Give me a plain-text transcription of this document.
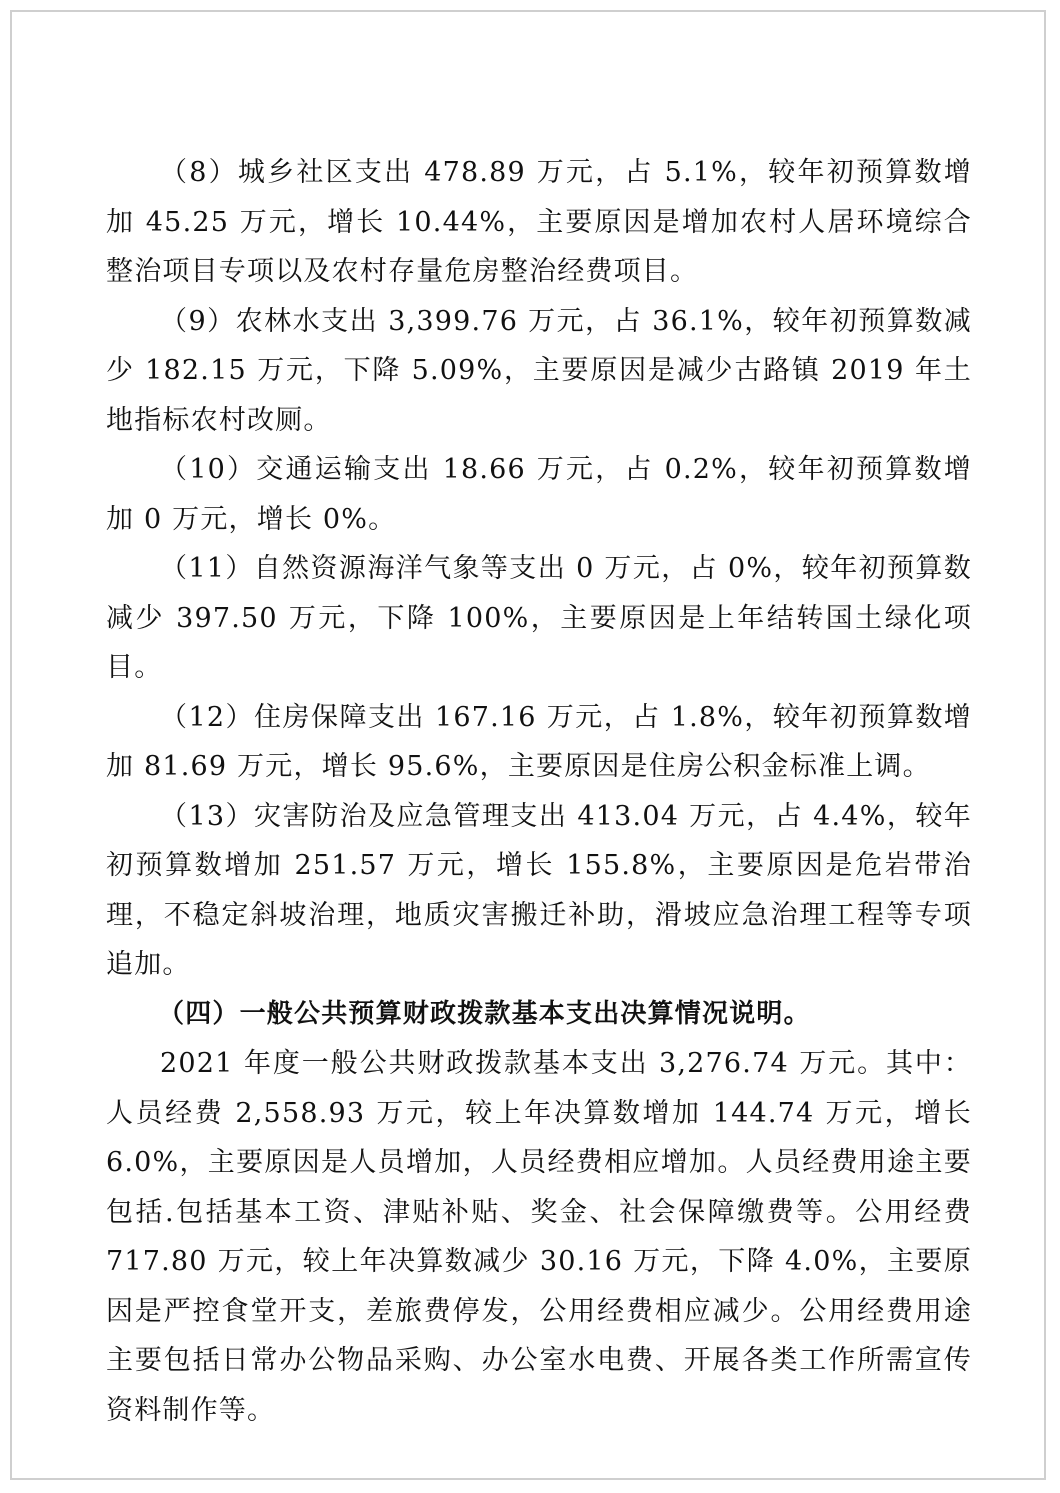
（8）城乡社区支出 478.89 万元，占 5.1%，较年初预算数增加 45.25 万元，增长 10.44%，主要原因是增加农村人居环境综合整治项目专项以及农村存量危房整治经费项目。

（9）农林水支出 3,399.76 万元，占 36.1%，较年初预算数减少 182.15 万元，下降 5.09%，主要原因是减少古路镇 2019 年土地指标农村改厕。

（10）交通运输支出 18.66 万元，占 0.2%，较年初预算数增加 0 万元，增长 0%。

（11）自然资源海洋气象等支出 0 万元，占 0%，较年初预算数减少 397.50 万元，下降 100%，主要原因是上年结转国土绿化项目。

（12）住房保障支出 167.16 万元，占 1.8%，较年初预算数增加 81.69 万元，增长 95.6%，主要原因是住房公积金标准上调。

（13）灾害防治及应急管理支出 413.04 万元，占 4.4%，较年初预算数增加 251.57 万元，增长 155.8%，主要原因是危岩带治理，不稳定斜坡治理，地质灾害搬迁补助，滑坡应急治理工程等专项追加。

（四）一般公共预算财政拨款基本支出决算情况说明。

2021 年度一般公共财政拨款基本支出 3,276.74 万元。其中：人员经费 2,558.93 万元，较上年决算数增加 144.74 万元，增长 6.0%，主要原因是人员增加，人员经费相应增加。人员经费用途主要包括.包括基本工资、津贴补贴、奖金、社会保障缴费等。公用经费 717.80 万元，较上年决算数减少 30.16 万元，下降 4.0%，主要原因是严控食堂开支，差旅费停发，公用经费相应减少。公用经费用途主要包括日常办公物品采购、办公室水电费、开展各类工作所需宣传资料制作等。
